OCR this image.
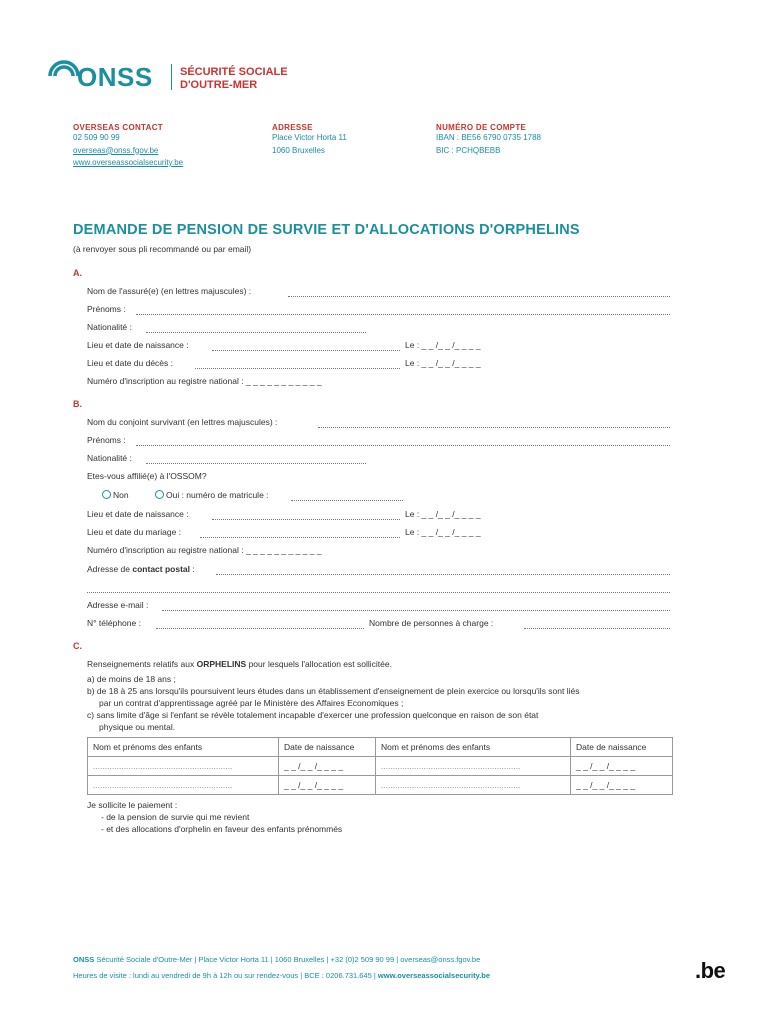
ONSS SÉCURITÉ SOCIALE
D'OUTRE-MER
OVERSEAS CONTACT
02 509 90 99
overseas@onss.fgov.be
www.overseassocialsecurity.be
ADRESSE
Place Victor Horta 11
1060 Bruxelles
NUMÉRO DE COMPTE
IBAN : BE56 6790 0735 1788
BIC : PCHQBEBB
DEMANDE DE PENSION DE SURVIE ET D'ALLOCATIONS D'ORPHELINS
(à renvoyer sous pli recommandé ou par email)
A.
Nom de l'assuré(e) (en lettres majuscules) :
Prénoms :
Nationalité :
Lieu et date de naissance :	Le : _ _ /_ _ /_ _ _ _
Lieu et date du décès :	Le : _ _ /_ _ /_ _ _ _
Numéro d'inscription au registre national : _ _ _ _ _ _ _ _ _ _ _
B.
Nom du conjoint survivant (en lettres majuscules) :
Prénoms :
Nationalité :
Etes-vous affilié(e) à l'OSSOM?
Non	Oui : numéro de matricule :
Lieu et date de naissance :	Le : _ _ /_ _ /_ _ _ _
Lieu et date du mariage :	Le : _ _ /_ _ /_ _ _ _
Numéro d'inscription au registre national : _ _ _ _ _ _ _ _ _ _ _
Adresse de contact postal :
Adresse e-mail :
N° téléphone :	Nombre de personnes à charge :
C.
Renseignements relatifs aux ORPHELINS pour lesquels l'allocation est sollicitée.
a) de moins de 18 ans ;
b) de 18 à 25 ans lorsqu'ils poursuivent leurs études dans un établissement d'enseignement de plein exercice ou lorsqu'ils sont liés
par un contrat d'apprentissage agréé par le Ministère des Affaires Economiques ;
c) sans limite d'âge si l'enfant se révèle totalement incapable d'exercer une profession quelconque en raison de son état
physique ou mental.
Nom et prénoms des enfants	Date de naissance	Nom et prénoms des enfants	Date de naissance
...........................................................	_ _ /_ _ /_ _ _ _	...........................................................	_ _ /_ _ /_ _ _ _
...........................................................	_ _ /_ _ /_ _ _ _	...........................................................	_ _ /_ _ /_ _ _ _
Je sollicite le paiement :
- de la pension de survie qui me revient
- et des allocations d'orphelin en faveur des enfants prénommés
ONSS Sécurité Sociale d'Outre-Mer | Place Victor Horta 11 | 1060 Bruxelles | +32 (0)2 509 90 99 | overseas@onss.fgov.be
Heures de visite : lundi au vendredi de 9h à 12h ou sur rendez-vous | BCE : 0206.731.645 | www.overseassocialsecurity.be	.be
